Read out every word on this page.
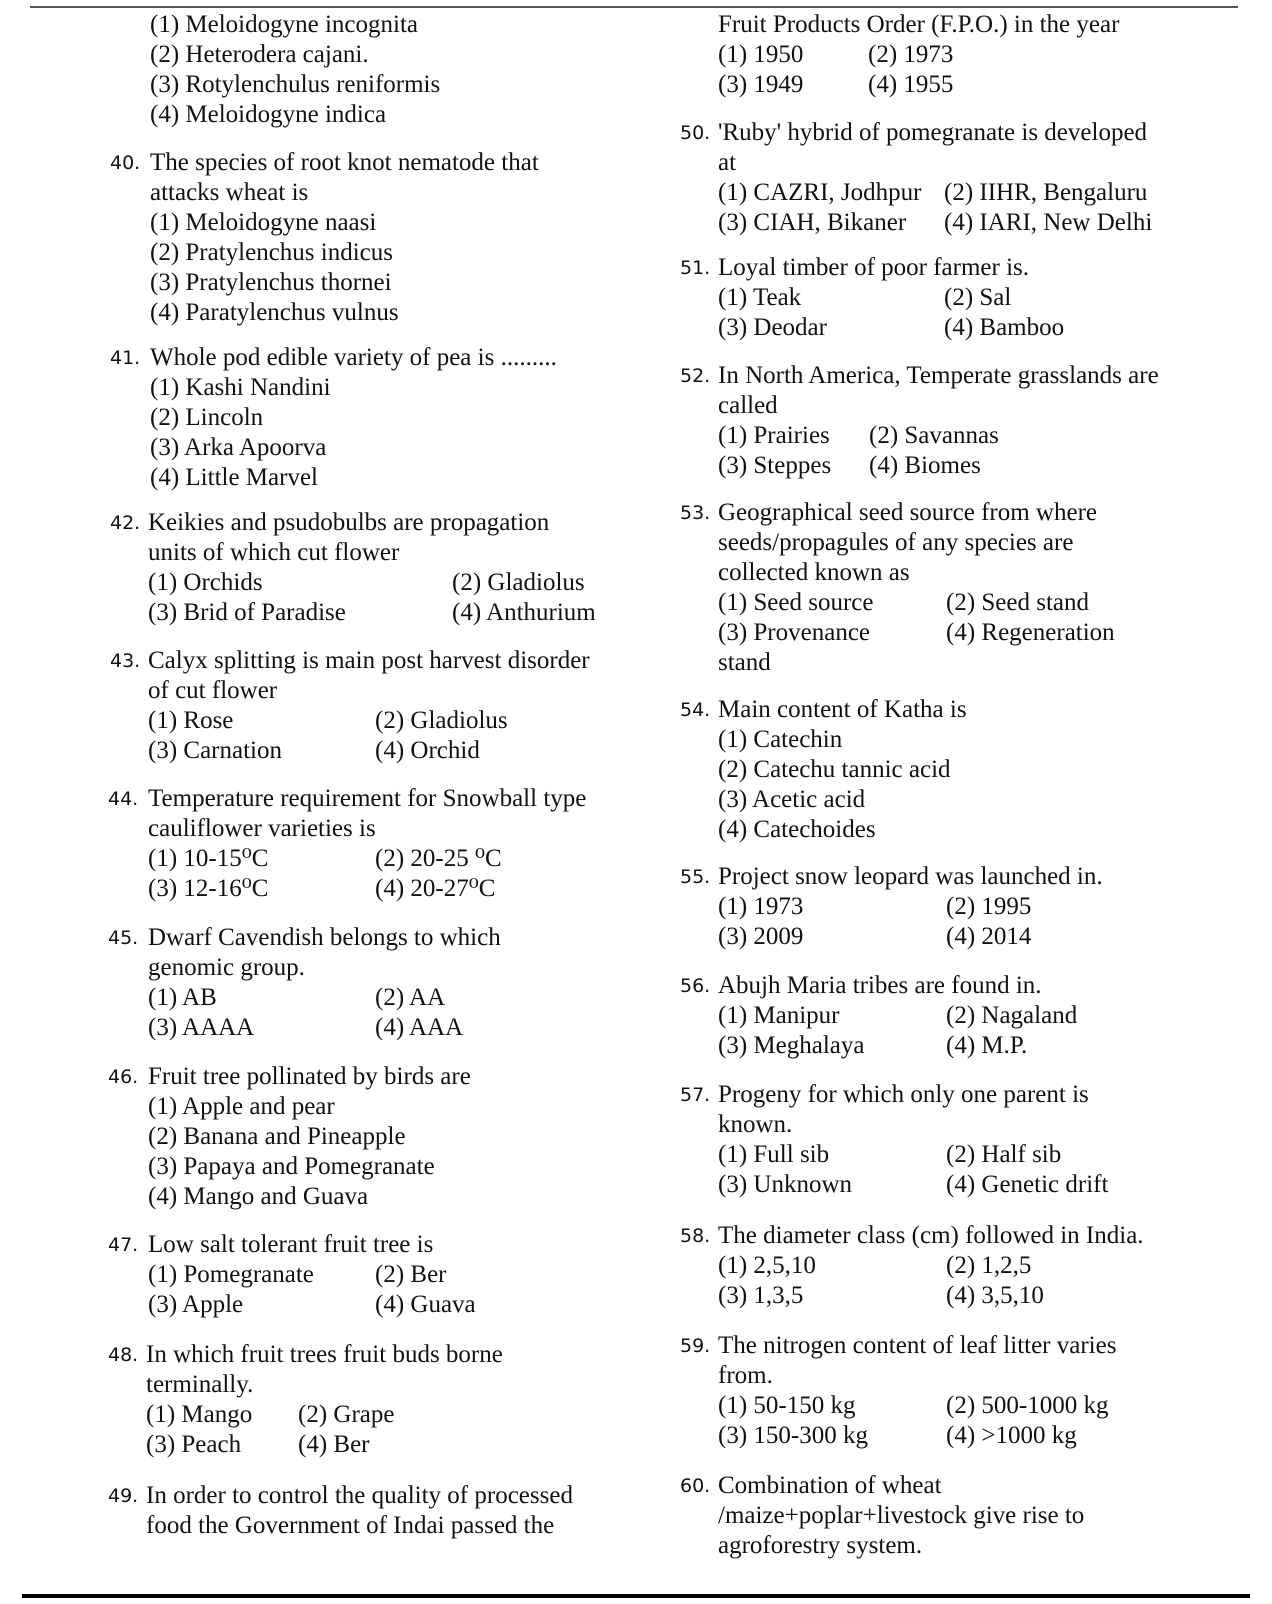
(1) Meloidogyne incognita
(2) Heterodera cajani.
(3) Rotylenchulus reniformis
(4) Meloidogyne indica
40. The species of root knot nematode that
attacks wheat is
(1) Meloidogyne naasi
(2) Pratylenchus indicus
(3) Pratylenchus thornei
(4) Paratylenchus vulnus
41. Whole pod edible variety of pea is .........
(1) Kashi Nandini
(2) Lincoln
(3) Arka Apoorva
(4) Little Marvel
42. Keikies and psudobulbs are propagation
units of which cut flower
(1) Orchids	(2) Gladiolus
(3) Brid of Paradise	(4) Anthurium
43. Calyx splitting is main post harvest disorder
of cut flower
(1) Rose	(2) Gladiolus
(3) Carnation	(4) Orchid
44. Temperature requirement for Snowball type
cauliflower varieties is
(1) 10-15⁰C	(2) 20-25 ⁰C
(3) 12-16⁰C	(4) 20-27⁰C
45. Dwarf Cavendish belongs to which
genomic group.
(1) AB	(2) AA
(3) AAAA	(4) AAA
46. Fruit tree pollinated by birds are
(1) Apple and pear
(2) Banana and Pineapple
(3) Papaya and Pomegranate
(4) Mango and Guava
47. Low salt tolerant fruit tree is
(1) Pomegranate (2) Ber
(3) Apple	(4) Guava
48. In which fruit trees fruit buds borne
terminally.
(1) Mango (2) Grape
(3) Peach (4) Ber
49. In order to control the quality of processed
food the Government of Indai passed the
Fruit Products Order (F.P.O.) in the year
(1) 1950	(2) 1973
(3) 1949	(4) 1955
50. 'Ruby' hybrid of pomegranate is developed
at
(1) CAZRI, Jodhpur (2) IIHR, Bengaluru
(3) CIAH, Bikaner (4) IARI, New Delhi
51. Loyal timber of poor farmer is.
(1) Teak	(2) Sal
(3) Deodar	(4) Bamboo
52. In North America, Temperate grasslands are
called
(1) Prairies (2) Savannas
(3) Steppes (4) Biomes
53. Geographical seed source from where
seeds/propagules of any species are
collected known as
(1) Seed source	(2) Seed stand
(3) Provenance	(4) Regeneration
stand
54. Main content of Katha is
(1) Catechin
(2) Catechu tannic acid
(3) Acetic acid
(4) Catechoides
55. Project snow leopard was launched in.
(1) 1973	(2) 1995
(3) 2009	(4) 2014
56. Abujh Maria tribes are found in.
(1) Manipur	(2) Nagaland
(3) Meghalaya	(4) M.P.
57. Progeny for which only one parent is
known.
(1) Full sib	(2) Half sib
(3) Unknown	(4) Genetic drift
58. The diameter class (cm) followed in India.
(1) 2,5,10	(2) 1,2,5
(3) 1,3,5	(4) 3,5,10
59. The nitrogen content of leaf litter varies
from.
(1) 50-150 kg	(2) 500-1000 kg
(3) 150-300 kg	(4) >1000 kg
60. Combination of wheat
/maize+poplar+livestock give rise to
agroforestry system.
